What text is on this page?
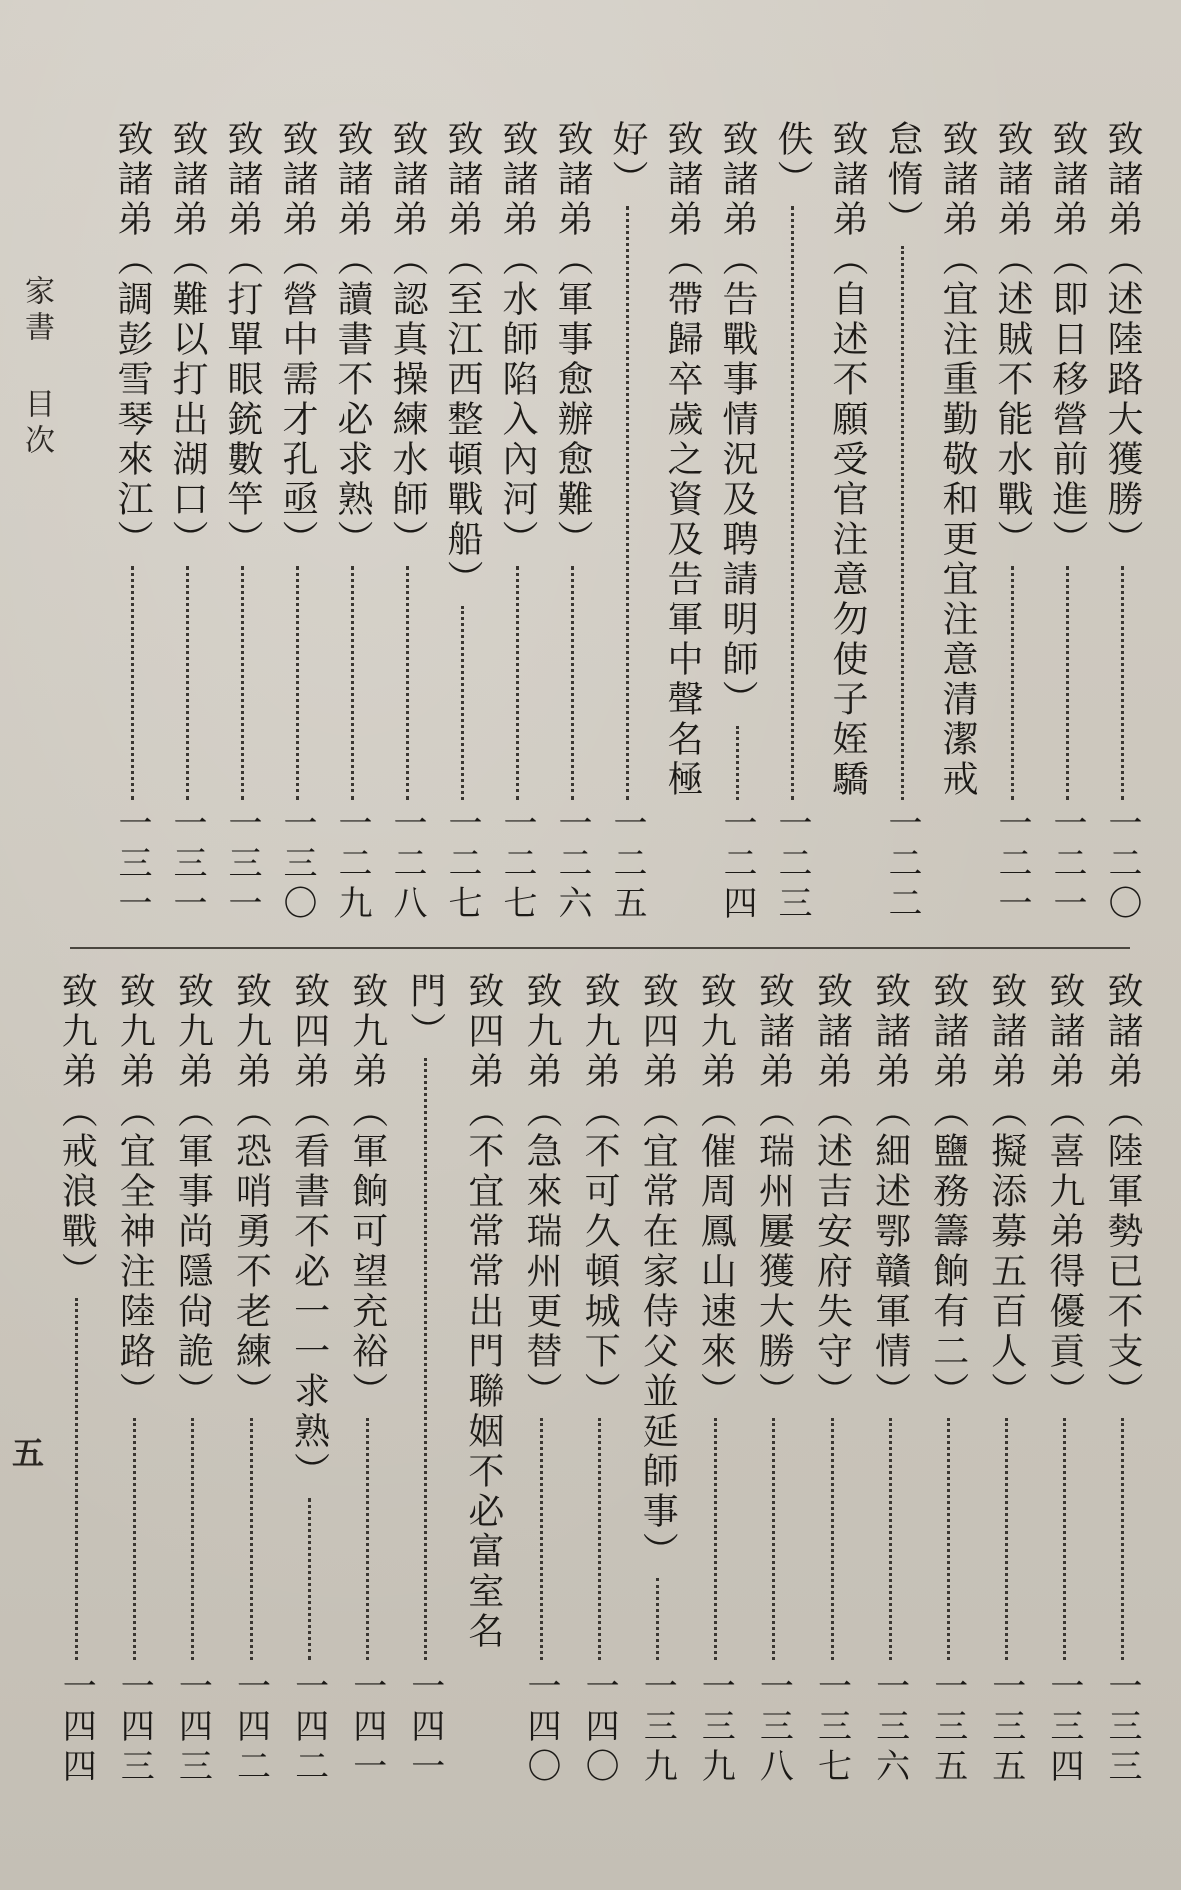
致諸弟（述陸路大獲勝）
一二〇
致諸弟（即日移營前進）
一二一
致諸弟（述賊不能水戰）
一二一
致諸弟（宜注重勤敬和更宜注意清潔戒
怠惰）
一二二
致諸弟（自述不願受官注意勿使子姪驕
佚）
一二三
致諸弟（告戰事情況及聘請明師）
一二四
致諸弟（帶歸卒歲之資及告軍中聲名極
好）
一二五
致諸弟（軍事愈辦愈難）
一二六
致諸弟（水師陷入內河）
一二七
致諸弟（至江西整頓戰船）
一二七
致諸弟（認真操練水師）
一二八
致諸弟（讀書不必求熟）
一二九
致諸弟（營中需才孔亟）
一三〇
致諸弟（打單眼銃數竿）
一三一
致諸弟（難以打出湖口）
一三一
致諸弟（調彭雪琴來江）
一三一
致諸弟（陸軍勢已不支）
一三三
致諸弟（喜九弟得優貢）
一三四
致諸弟（擬添募五百人）
一三五
致諸弟（鹽務籌餉有二）
一三五
致諸弟（細述鄂贛軍情）
一三六
致諸弟（述吉安府失守）
一三七
致諸弟（瑞州屢獲大勝）
一三八
致九弟（催周鳳山速來）
一三九
致四弟（宜常在家侍父並延師事）
一三九
致九弟（不可久頓城下）
一四〇
致九弟（急來瑞州更替）
一四〇
致四弟（不宜常常出門聯姻不必富室名
門）
一四一
致九弟（軍餉可望充裕）
一四一
致四弟（看書不必一一求熟）
一四二
致九弟（恐哨勇不老練）
一四二
致九弟（軍事尚隱尙詭）
一四三
致九弟（宜全神注陸路）
一四三
致九弟（戒浪戰）
一四四
家書 目次
五
